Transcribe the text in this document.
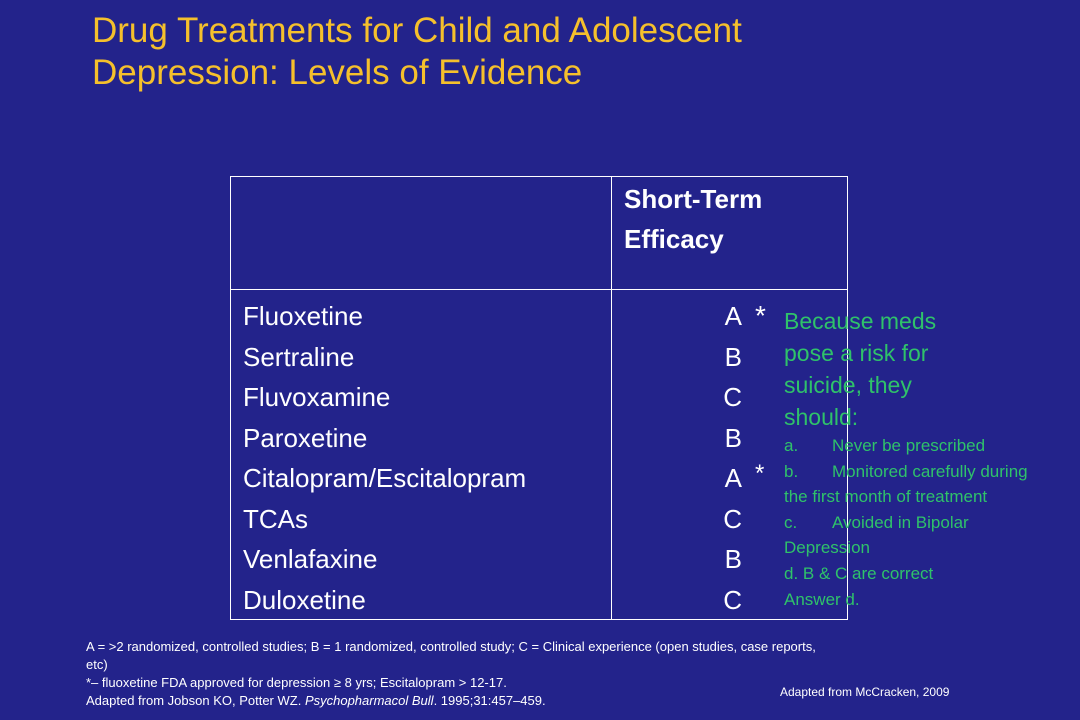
Drug Treatments for Child and Adolescent
Depression: Levels of Evidence
Short-Term
Efficacy
Fluoxetine
Sertraline
Fluvoxamine
Paroxetine
Citalopram/Escitalopram
TCAs
Venlafaxine
Duloxetine
A
B
C
B
A
C
B
C
*
*
Because meds
pose a risk for
suicide, they
should:
a. Never be prescribed
b. Monitored carefully during
the first month of treatment
c. Avoided in Bipolar
Depression
d. B & C are correct
Answer d.
A = >2 randomized, controlled studies; B = 1 randomized, controlled study; C = Clinical experience (open studies, case reports,
etc)
*– fluoxetine FDA approved for depression ≥ 8 yrs; Escitalopram > 12-17.
Adapted from Jobson KO, Potter WZ. Psychopharmacol Bull. 1995;31:457–459.
Adapted from McCracken, 2009
